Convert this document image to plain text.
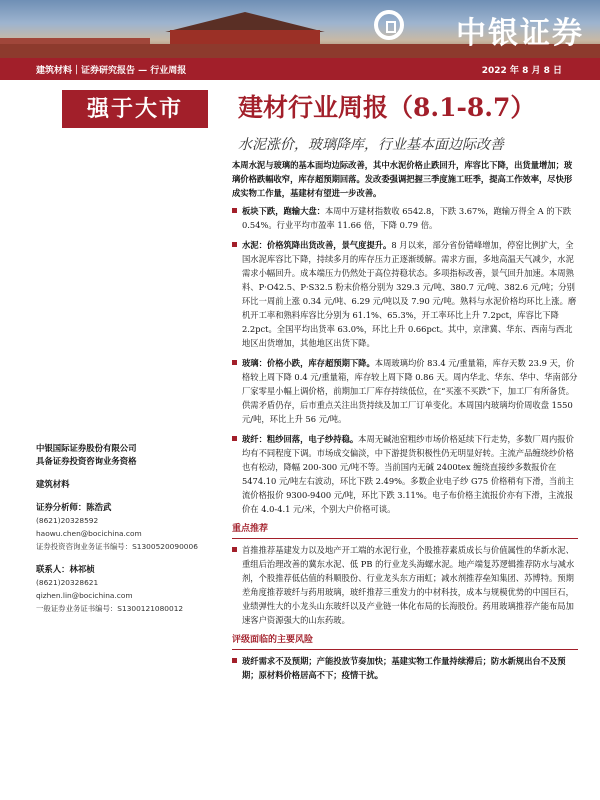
中银证券
建筑材料｜证券研究报告 — 行业周报	2022 年 8 月 8 日
强于大市	建材行业周报（8.1-8.7）
水泥涨价，玻璃降库，行业基本面边际改善

本周水泥与玻璃的基本面均边际改善，其中水泥价格止跌回升，库容比下降，出货量增加；玻璃价格跌幅收窄，库存超预期回落。发改委强调把握三季度施工旺季，提高工作效率，尽快形成实物工作量，基建材有望进一步改善。

板块下跌，跑输大盘：本周中万建材指数收 6542.8，下跌 3.67%，跑输万得全 A 的下跌 0.54%。行业平均市盈率 11.66 倍，下降 0.79 倍。
水泥：价格筑降出货改善，景气度提升。8 月以来，部分省份错峰增加，停窑比例扩大，全国水泥库容比下降，持续多月的库存压力正逐渐缓解。需求方面，多地高温天气减少，水泥需求小幅回升。成本端压力仍然处于高位持稳状态。多项指标改善，景气回升加速。本周熟料、P·O42.5、P·S32.5 粉末价格分别为 329.3 元/吨、380.7 元/吨、382.6 元/吨；分别环比一周前上涨 0.34 元/吨、6.29 元/吨以及 7.90 元/吨。熟料与水泥价格均环比上涨。磨机开工率和熟料库容比分别为 61.1%、65.3%，开工率环比上升 7.2pct，库容比下降 2.2pct。全国平均出货率 63.0%，环比上升 0.66pct。其中，京津冀、华东、西南与西北地区出货增加，其他地区出货下降。
玻璃：价格小跌，库存超预期下降。本周玻璃均价 83.4 元/重量箱，库存天数 23.9 天，价格较上周下降 0.4 元/重量箱，库存较上周下降 0.86 天。周内华北、华东、华中、华南部分厂家零星小幅上调价格，前期加工厂库存持续低位，在“买涨不买跌”下，加工厂有所备货。供需矛盾仍存，后市重点关注出货持续及加工厂订单变化。本周国内玻璃均价周收盘 1550 元/吨，环比上升 56 元/吨。
玻纤：粗纱回落，电子纱持稳。本周无碱池窑粗纱市场价格延续下行走势，多数厂周内报价均有不同程度下调。市场成交偏淡，中下游提货积极性仍无明显好转。主流产品缠绕纱价格也有松动，降幅 200-300 元/吨不等。当前国内无碱 2400tex 缠绕直接纱多数报价在 5474.10 元/吨左右波动，环比下跌 2.49%。多数企业电子纱 G75 价格稍有下滑，当前主流价格报价 9300-9400 元/吨，环比下跌 3.11%。电子布价格主流报价亦有下滑，主流报价在 4.0-4.1 元/米，个别大户价格可谈。
重点推荐
首推推荐基建发力以及地产开工端的水泥行业，个股推荐素质成长与价值属性的华新水泥、重组后治理改善的冀东水泥、低 PB 的行业龙头海螺水泥。地产端复苏逻辑推荐防水与减水剂，个股推荐低估值的科顺股份、行业龙头东方雨虹；减水剂推荐垒知集团、苏博特。预期差角度推荐玻纤与药用玻璃，玻纤推荐三重发力的中材科技，成本与规模优势的中国巨石，业绩弹性大的小龙头山东玻纤以及产业链一体化布局的长海股份。药用玻璃推荐产能布局加速客户资源强大的山东药玻。
评级面临的主要风险
玻纤需求不及预期；产能投放节奏加快；基建实物工作量持续滞后；防水新规出台不及预期；原材料价格居高不下；疫情干扰。
中银国际证券股份有限公司
具备证券投资咨询业务资格
建筑材料
证券分析师：陈浩武
(8621)20328592
haowu.chen@bocichina.com
证券投资咨询业务证书编号：S1300520090006
联系人：林祁桢
(8621)20328621
qizhen.lin@bocichina.com
一般证券业务证书编号：S1300121080012
